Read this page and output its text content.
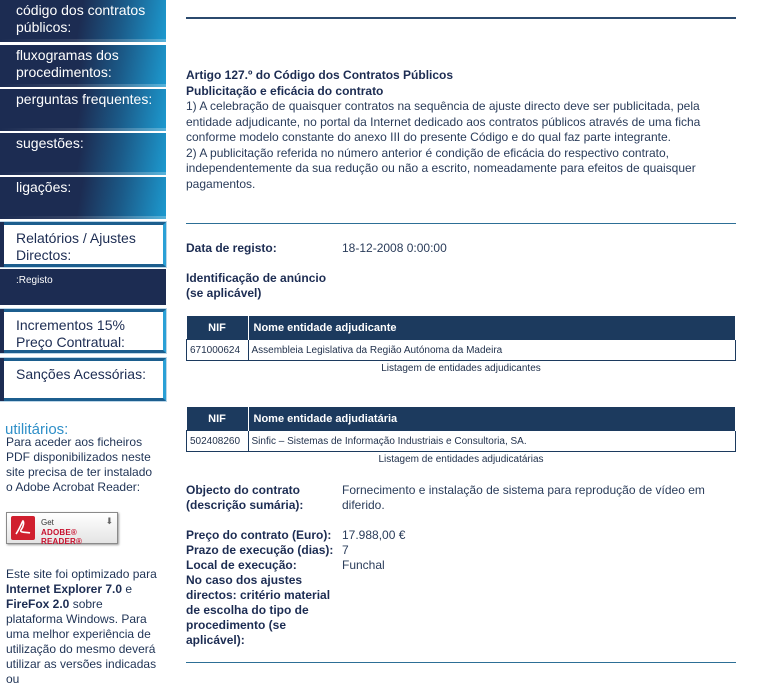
código dos contratos públicos:
fluxogramas dos procedimentos:
perguntas frequentes:
sugestões:
ligações:
Relatórios / Ajustes Directos:
:Registo
Incrementos 15% Preço Contratual:
Sanções Acessórias:
utilitários:
Para aceder aos ficheiros PDF disponibilizados neste site precisa de ter instalado o Adobe Acrobat Reader:
Get
ADOBE® READER®
⬇
Este site foi optimizado para Internet Explorer 7.0 e FireFox 2.0 sobre plataforma Windows. Para uma melhor experiência de utilização do mesmo deverá utilizar as versões indicadas ou
Artigo 127.º do Código dos Contratos Públicos
Publicitação e eficácia do contrato

1) A celebração de quaisquer contratos na sequência de ajuste directo deve ser publicitada, pela entidade adjudicante, no portal da Internet dedicado aos contratos públicos através de uma ficha conforme modelo constante do anexo III do presente Código e do qual faz parte integrante.

2) A publicitação referida no número anterior é condição de eficácia do respectivo contrato, independentemente da sua redução ou não a escrito, nomeadamente para efeitos de quaisquer pagamentos.

Data de registo:	18-12-2008 0:00:00
Identificação de anúncio
(se aplicável)
NIF	Nome entidade adjudicante
671000624	Assembleia Legislativa da Região Autónoma da Madeira
Listagem de entidades adjudicantes
NIF	Nome entidade adjudiatária
502408260	Sinfic – Sistemas de Informação Industriais e Consultoria, SA.
Listagem de entidades adjudicatárias
Objecto do contrato
(descrição sumária):
Fornecimento e instalação de sistema para reprodução de vídeo em diferido.
Preço do contrato (Euro): 17.988,00 €
Prazo de execução (dias): 7
Local de execução:	Funchal
No caso dos ajustes
directos: critério material
de escolha do tipo de
procedimento (se
aplicável):
